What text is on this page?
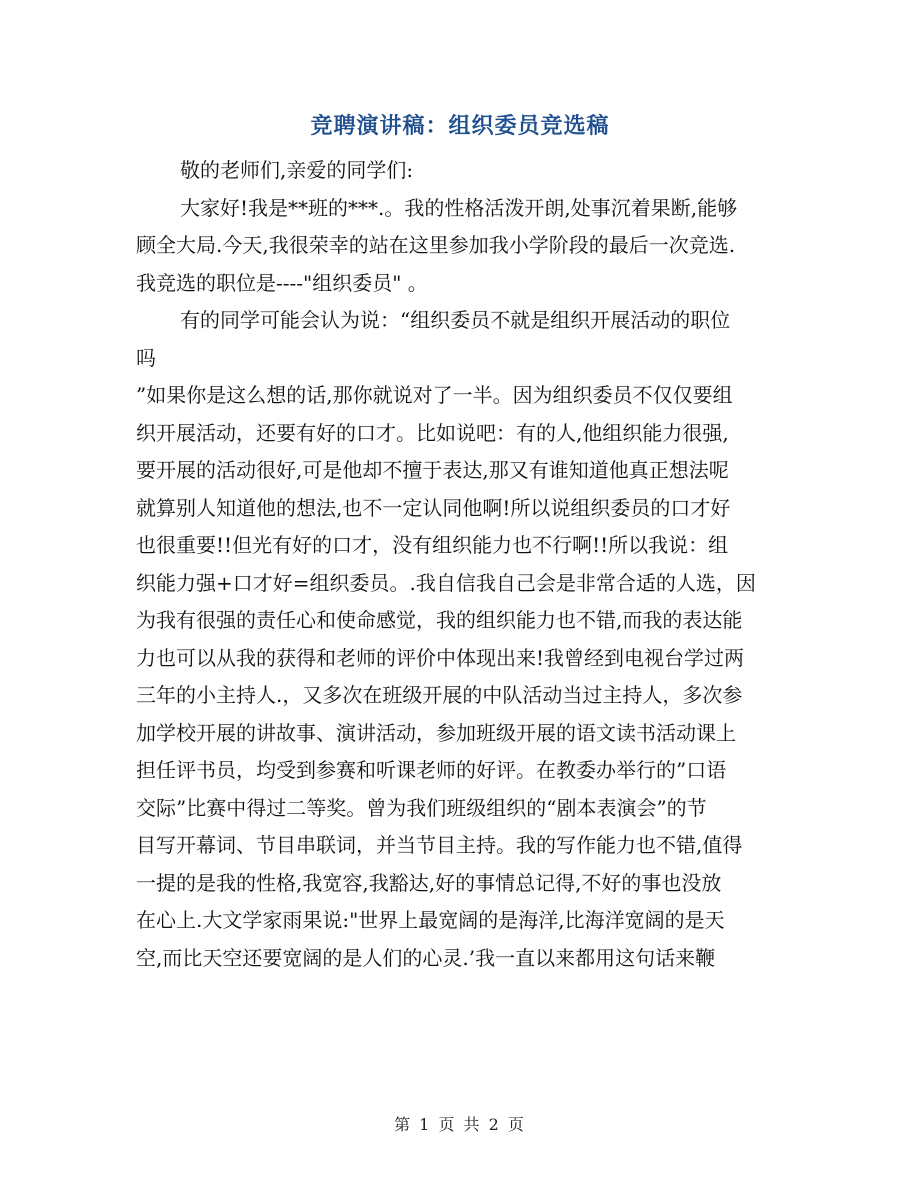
竞聘演讲稿：组织委员竞选稿
敬的老师们,亲爱的同学们:
大家好!我是**班的***.。我的性格活泼开朗,处事沉着果断,能够
顾全大局.今天,我很荣幸的站在这里参加我小学阶段的最后一次竞选.
我竞选的职位是----"组织委员" 。
有的同学可能会认为说：“组织委员不就是组织开展活动的职位
吗
”如果你是这么想的话,那你就说对了一半。因为组织委员不仅仅要组
织开展活动，还要有好的口才。比如说吧：有的人,他组织能力很强,
要开展的活动很好,可是他却不擅于表达,那又有谁知道他真正想法呢
就算别人知道他的想法,也不一定认同他啊!所以说组织委员的口才好
也很重要!!但光有好的口才，没有组织能力也不行啊!!所以我说：组
织能力强+口才好=组织委员。.我自信我自己会是非常合适的人选，因
为我有很强的责任心和使命感觉，我的组织能力也不错,而我的表达能
力也可以从我的获得和老师的评价中体现出来!我曾经到电视台学过两
三年的小主持人.，又多次在班级开展的中队活动当过主持人，多次参
加学校开展的讲故事、演讲活动，参加班级开展的语文读书活动课上
担任评书员，均受到参赛和听课老师的好评。在教委办举行的”口语
交际”比赛中得过二等奖。曾为我们班级组织的“剧本表演会”的节
目写开幕词、节目串联词，并当节目主持。我的写作能力也不错,值得
一提的是我的性格,我宽容,我豁达,好的事情总记得,不好的事也没放
在心上.大文学家雨果说:"世界上最宽阔的是海洋,比海洋宽阔的是天
空,而比天空还要宽阔的是人们的心灵.’我一直以来都用这句话来鞭
第 1 页 共 2 页
